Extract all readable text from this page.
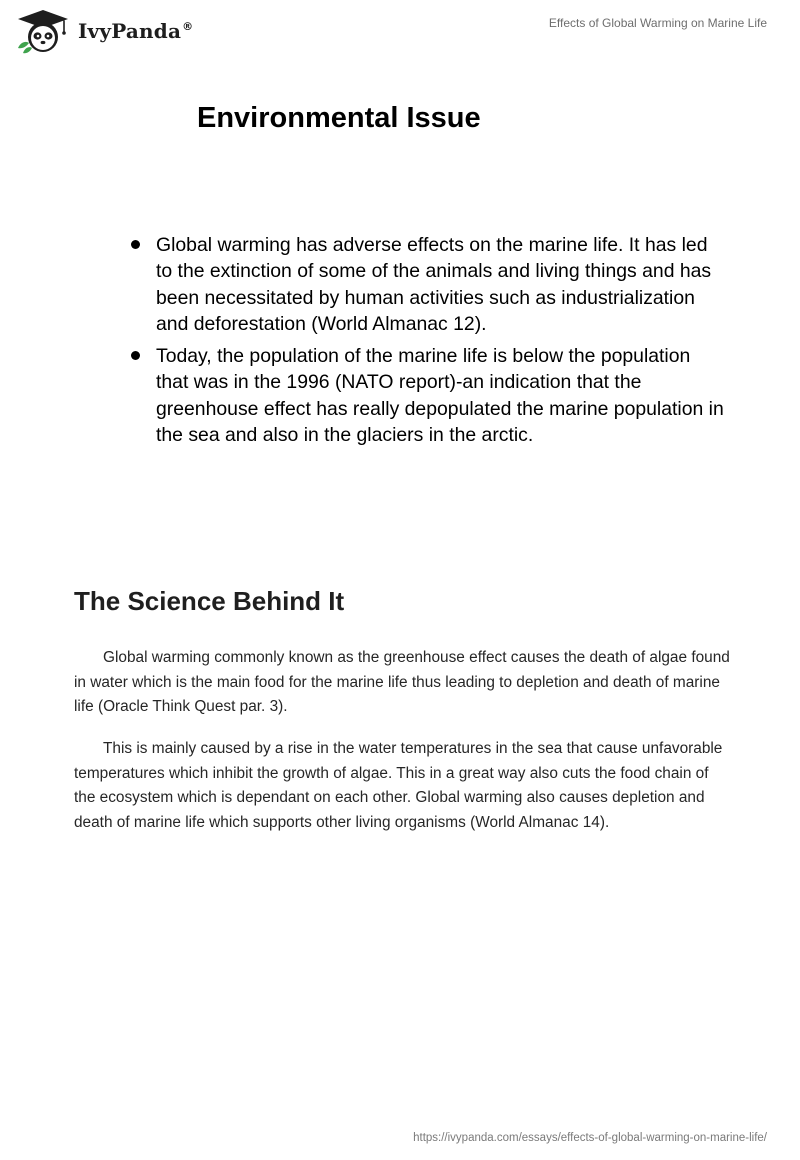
IvyPanda®	Effects of Global Warming on Marine Life
Environmental Issue
Global warming has adverse effects on the marine life. It has led to the extinction of some of the animals and living things and has been necessitated by human activities such as industrialization and deforestation (World Almanac 12).
Today, the population of the marine life is below the population that was in the 1996 (NATO report)-an indication that the greenhouse effect has really depopulated the marine population in the sea and also in the glaciers in the arctic.
The Science Behind It

Global warming commonly known as the greenhouse effect causes the death of algae found in water which is the main food for the marine life thus leading to depletion and death of marine life (Oracle Think Quest par. 3).

This is mainly caused by a rise in the water temperatures in the sea that cause unfavorable temperatures which inhibit the growth of algae. This in a great way also cuts the food chain of the ecosystem which is dependant on each other. Global warming also causes depletion and death of marine life which supports other living organisms (World Almanac 14).

https://ivypanda.com/essays/effects-of-global-warming-on-marine-life/
